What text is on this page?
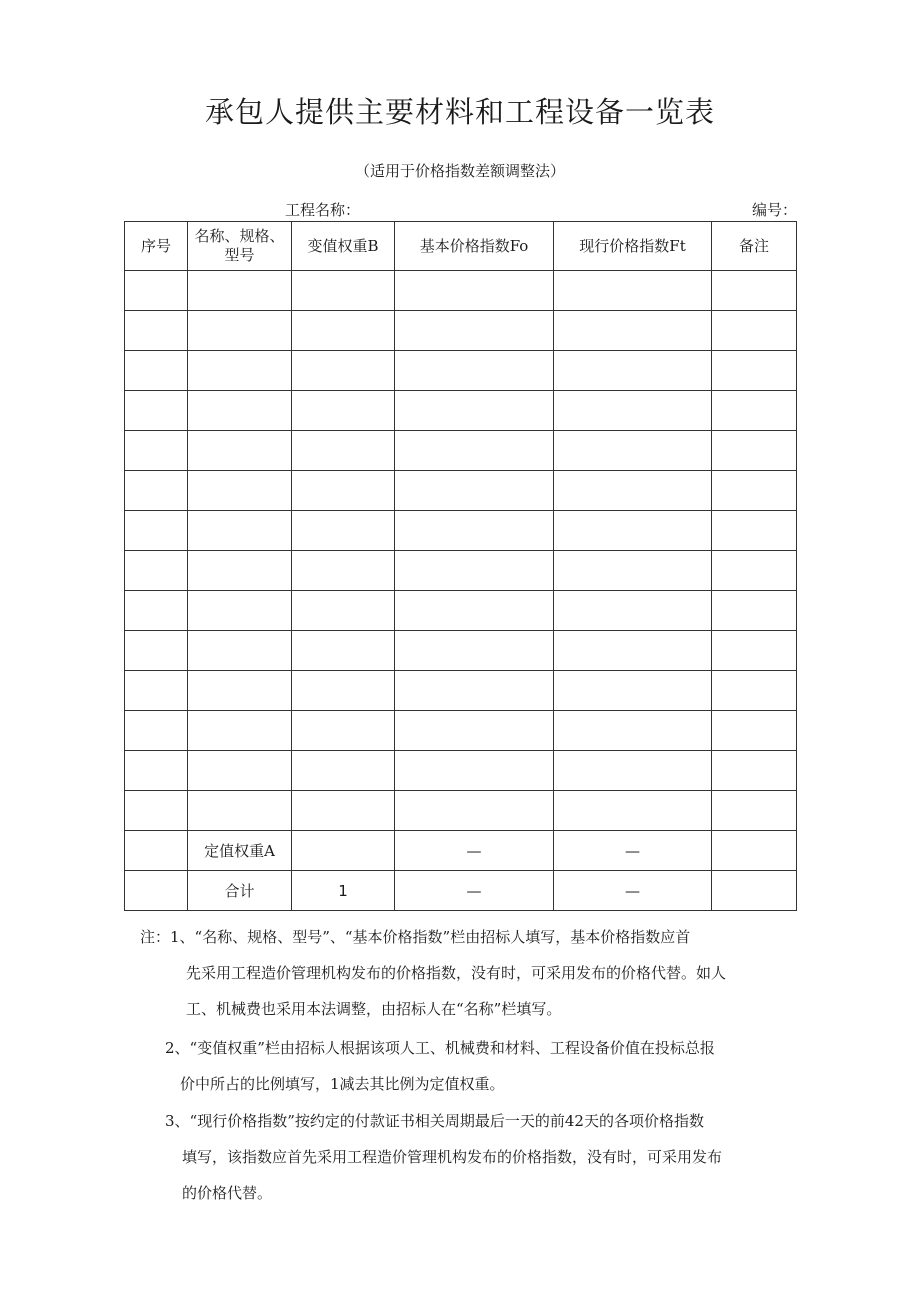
承包人提供主要材料和工程设备一览表
（适用于价格指数差额调整法）
工程名称：	编号：
序号	名称、规格、型号	变值权重B	基本价格指数Fo	现行价格指数Ft	备注

	定值权重A		—	—	
	合计	1	—	—	
注：1、“名称、规格、型号”、“基本价格指数”栏由招标人填写，基本价格指数应首
先采用工程造价管理机构发布的价格指数，没有时，可采用发布的价格代替。如人
工、机械费也采用本法调整，由招标人在“名称”栏填写。
2、“变值权重”栏由招标人根据该项人工、机械费和材料、工程设备价值在投标总报
价中所占的比例填写，1减去其比例为定值权重。
3、“现行价格指数”按约定的付款证书相关周期最后一天的前42天的各项价格指数
填写，该指数应首先采用工程造价管理机构发布的价格指数，没有时，可采用发布
的价格代替。
